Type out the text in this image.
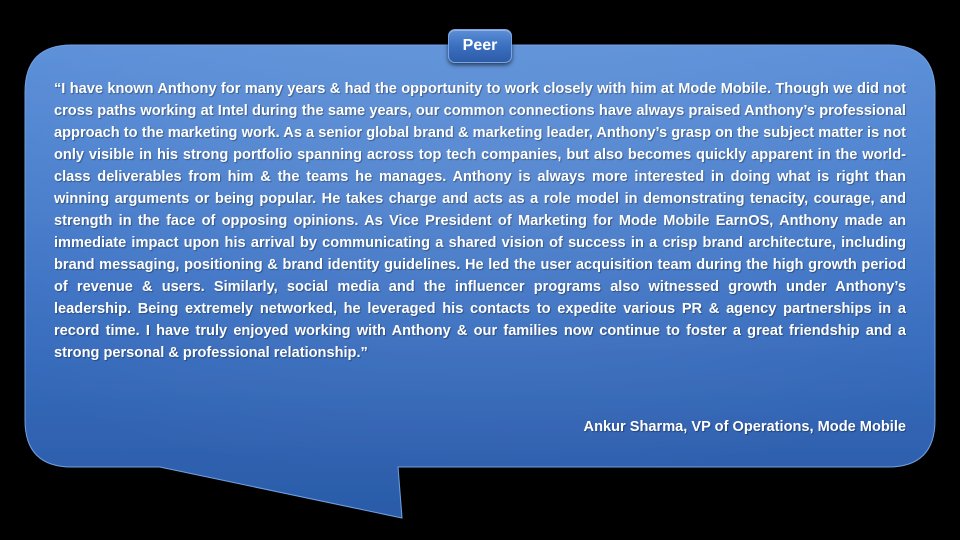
Peer

“I have known Anthony for many years & had the opportunity to work closely with him at Mode Mobile. Though we did not cross paths working at Intel during the same years, our common connections have always praised Anthony’s professional approach to the marketing work. As a senior global brand & marketing leader, Anthony’s grasp on the subject matter is not only visible in his strong portfolio spanning across top tech companies, but also becomes quickly apparent in the world-class deliverables from him & the teams he manages. Anthony is always more interested in doing what is right than winning arguments or being popular. He takes charge and acts as a role model in demonstrating tenacity, courage, and strength in the face of opposing opinions. As Vice President of Marketing for Mode Mobile EarnOS, Anthony made an immediate impact upon his arrival by communicating a shared vision of success in a crisp brand architecture, including brand messaging, positioning & brand identity guidelines. He led the user acquisition team during the high growth period of revenue & users. Similarly, social media and the influencer programs also witnessed growth under Anthony’s leadership. Being extremely networked, he leveraged his contacts to expedite various PR & agency partnerships in a record time. I have truly enjoyed working with Anthony & our families now continue to foster a great friendship and a strong personal & professional relationship.”

Ankur Sharma, VP of Operations, Mode Mobile
